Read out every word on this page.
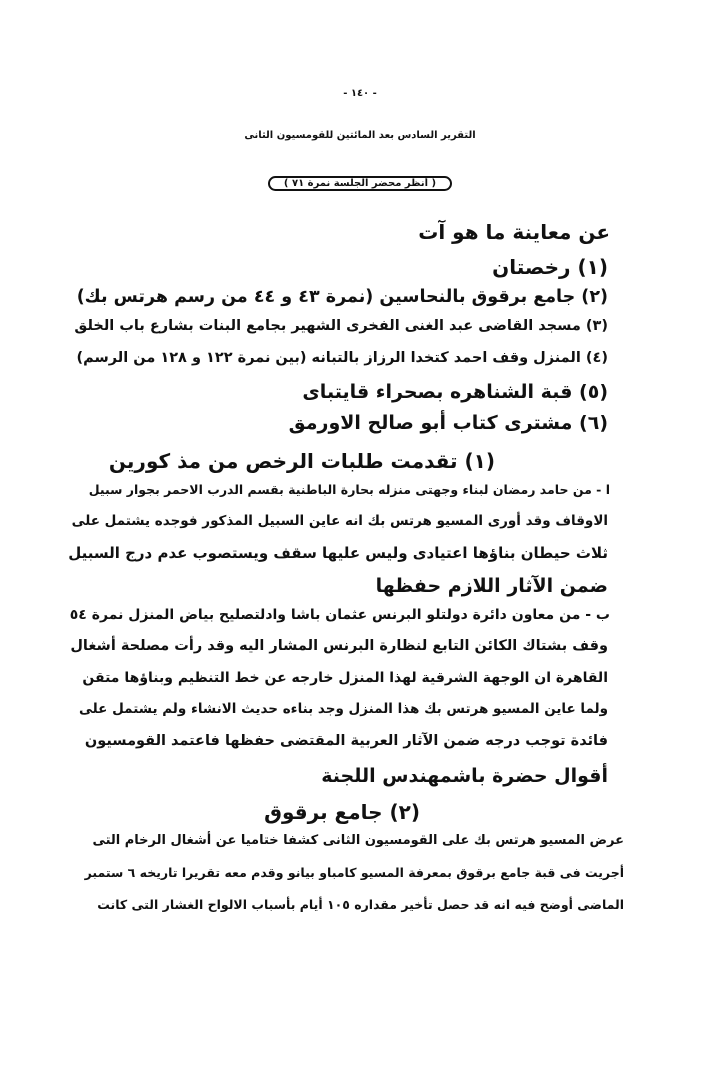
- ١٤٠ -
التقرير السادس بعد المائتين للقومسيون الثانى
( أنظر محضر الجلسة نمرة ٧١ )
عن معاينة ما هو آت
(١) رخصتان
(٢) جامع برقوق بالنحاسين (نمرة ٤٣ و ٤٤ من رسم هرتس بك)
(٣) مسجد القاضى عبد الغنى الفخرى الشهير بجامع البنات بشارع باب الخلق
(٤) المنزل وقف احمد كتخدا الرزاز بالتبانه (بين نمرة ١٢٢ و ١٢٨ من الرسم)
(٥) قبة الشناهره بصحراء قايتباى
(٦) مشترى كتاب أبو صالح الاورمق
(١) تقدمت طلبات الرخص من مذ كورين
ا - من حامد رمضان لبناء وجهتى منزله بحارة الباطنية بقسم الدرب الاحمر بجوار سبيل
الاوقاف وقد أورى المسيو هرتس بك انه عاين السبيل المذكور فوجده يشتمل على
ثلاث حيطان بناؤها اعتيادى وليس عليها سقف ويستصوب عدم درج السبيل
ضمن الآثار اللازم حفظها
ب - من معاون دائرة دولتلو البرنس عثمان باشا وادلتصليح بياض المنزل نمرة ٥٤
وقف بشتاك الكائن التابع لنظارة البرنس المشار اليه وقد رأت مصلحة أشغال
القاهرة ان الوجهة الشرقية لهذا المنزل خارجه عن خط التنظيم وبناؤها متقن
ولما عاين المسيو هرتس بك هذا المنزل وجد بناءه حديث الانشاء ولم يشتمل على
فائدة توجب درجه ضمن الآثار العربية المقتضى حفظها فاعتمد القومسيون
أقوال حضرة باشمهندس اللجنة
(٢) جامع برقوق
عرض المسيو هرتس بك على القومسيون الثانى كشفا ختاميا عن أشغال الرخام التى
أجريت فى قبة جامع برقوق بمعرفة المسيو كامباو بيانو وقدم معه تقريرا تاريخه ٦ ستمبر
الماضى أوضح فيه انه قد حصل تأخير مقداره ١٠٥ أيام بأسباب الالواح الغشار التى كانت
